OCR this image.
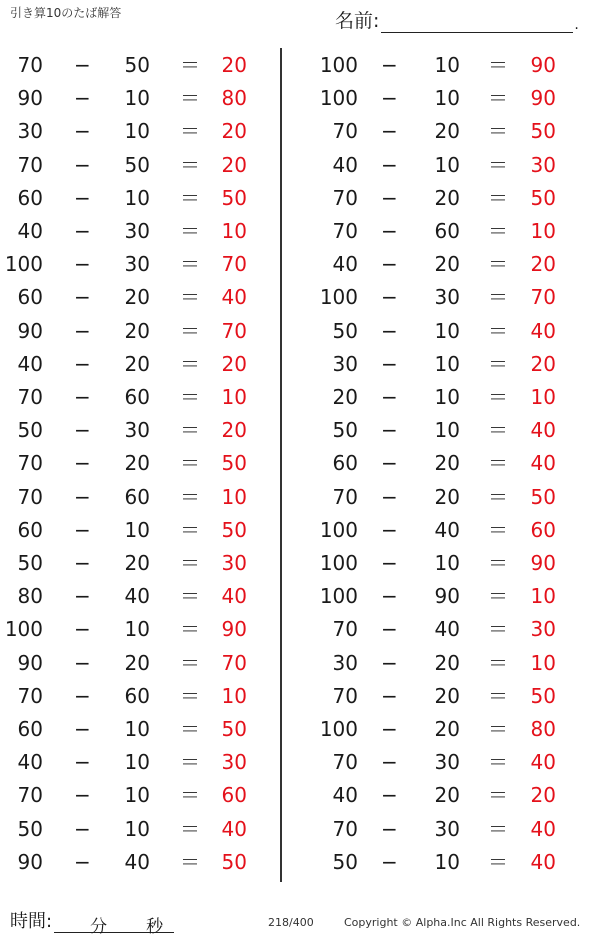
引き算10のたば解答	名前:	.
70 − 50 ＝ 20
90 − 10 ＝ 80
30 − 10 ＝ 20
70 − 50 ＝ 20
60 − 10 ＝ 50
40 − 30 ＝ 10
100 − 30 ＝ 70
60 − 20 ＝ 40
90 − 20 ＝ 70
40 − 20 ＝ 20
70 − 60 ＝ 10
50 − 30 ＝ 20
70 − 20 ＝ 50
70 − 60 ＝ 10
60 − 10 ＝ 50
50 − 20 ＝ 30
80 − 40 ＝ 40
100 − 10 ＝ 90
90 − 20 ＝ 70
70 − 60 ＝ 10
60 − 10 ＝ 50
40 − 10 ＝ 30
70 − 10 ＝ 60
50 − 10 ＝ 40
90 − 40 ＝ 50
100 − 10 ＝ 90
100 − 10 ＝ 90
70 − 20 ＝ 50
40 − 10 ＝ 30
70 − 20 ＝ 50
70 − 60 ＝ 10
40 − 20 ＝ 20
100 − 30 ＝ 70
50 − 10 ＝ 40
30 − 10 ＝ 20
20 − 10 ＝ 10
50 − 10 ＝ 40
60 − 20 ＝ 40
70 − 20 ＝ 50
100 − 40 ＝ 60
100 − 10 ＝ 90
100 − 90 ＝ 10
70 − 40 ＝ 30
30 − 20 ＝ 10
70 − 20 ＝ 50
100 − 20 ＝ 80
70 − 30 ＝ 40
40 − 20 ＝ 20
70 − 30 ＝ 40
50 − 10 ＝ 40
時間: 分 秒	218/400	Copyright © Alpha.Inc All Rights Reserved.
